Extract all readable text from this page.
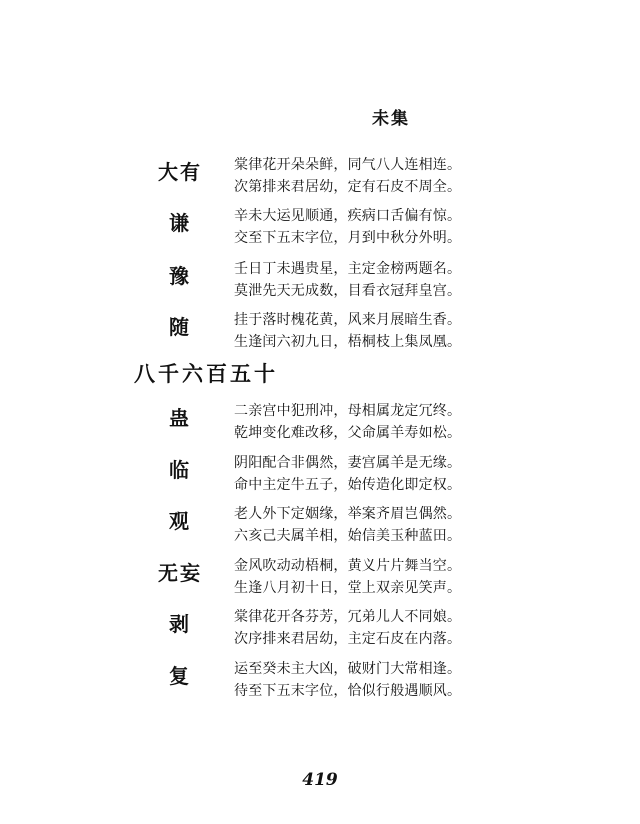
未集
大有	棠律花开朵朵鲜，同气八人连相连。
次第排来君居幼，定有石皮不周全。
谦	辛未大运见顺通，疾病口舌偏有惊。
交至下五末字位，月到中秋分外明。
豫	壬日丁未遇贵星，主定金榜两题名。
莫泄先天无成数，目看衣冠拜皇宫。
随	挂于落时槐花黄，风来月展暗生香。
生逢闰六初九日，梧桐枝上集凤凰。
八千六百五十
蛊	二亲宫中犯刑冲，母相属龙定冗终。
乾坤变化难改移，父命属羊寿如松。
临	阴阳配合非偶然，妻宫属羊是无缘。
命中主定牛五子，始传造化即定权。
观	老人外下定姻缘，举案齐眉岂偶然。
六亥己夫属羊相，始信美玉种蓝田。
无妄	金风吹动动梧桐，黄义片片舞当空。
生逢八月初十日，堂上双亲见笑声。
剥	棠律花开各芬芳，冗弟儿人不同娘。
次序排来君居幼，主定石皮在内落。
复	运至癸未主大凶，破财门大常相逢。
待至下五末字位，恰似行般遇顺风。
419
